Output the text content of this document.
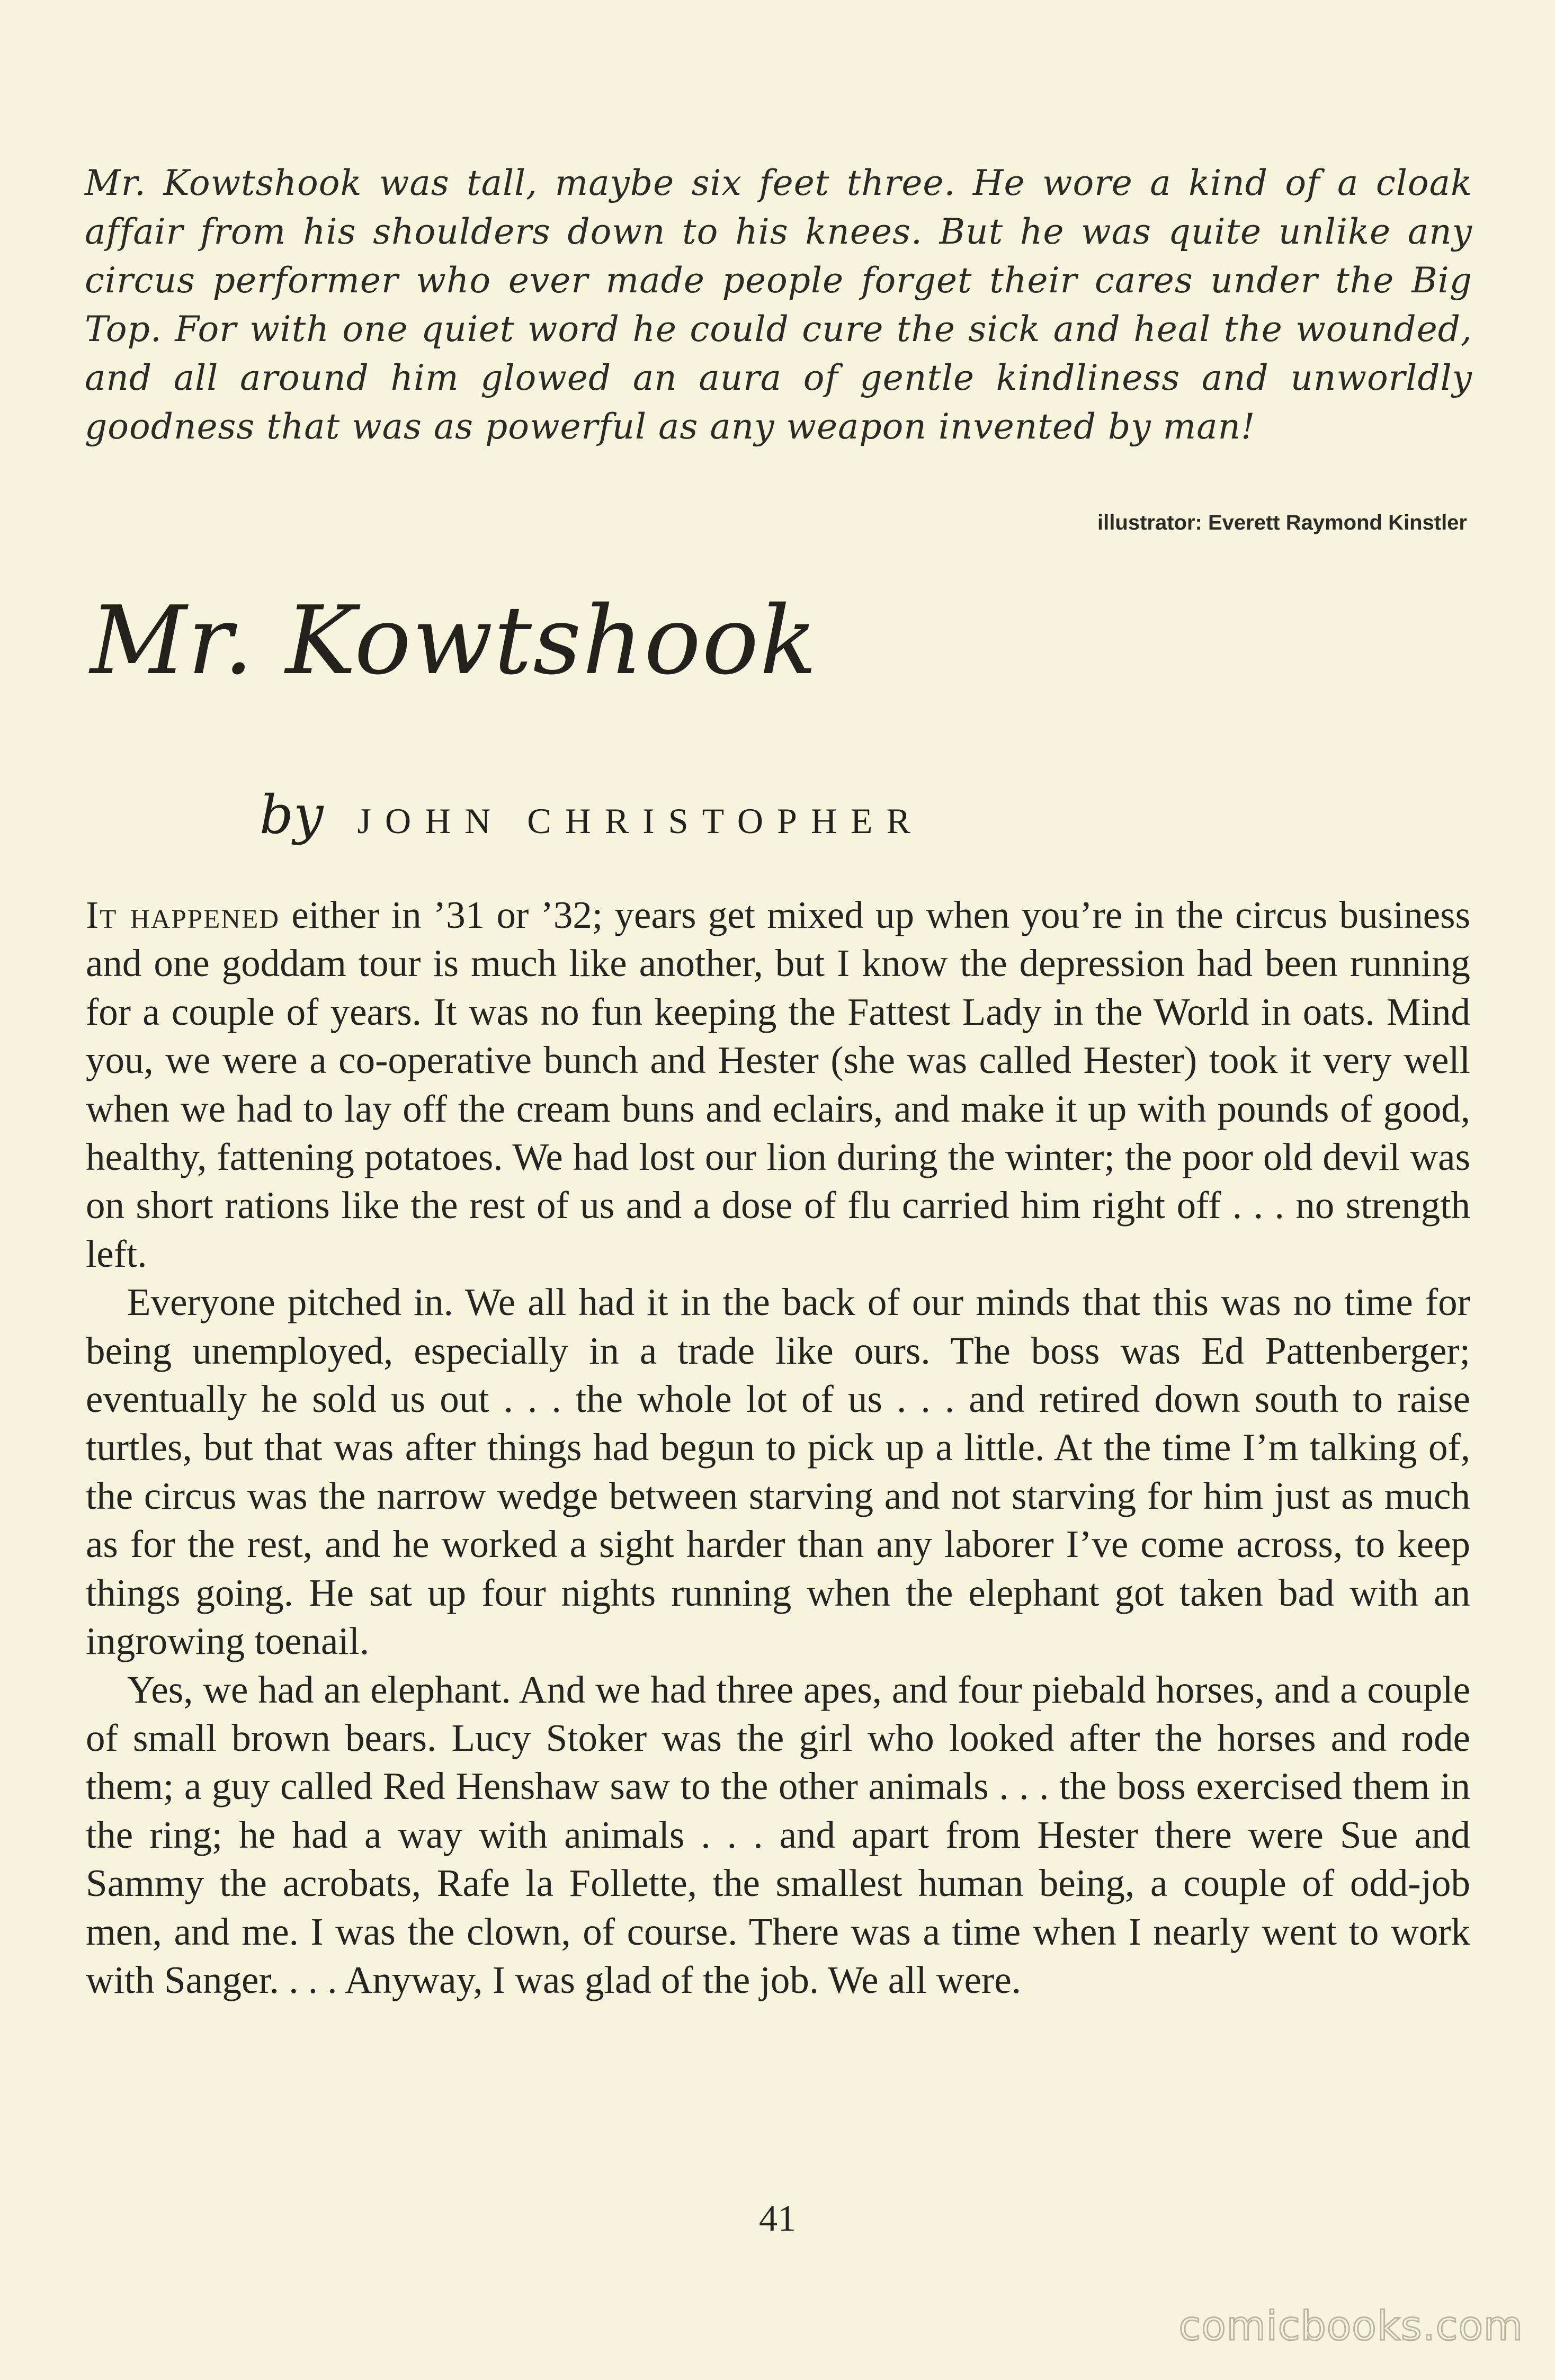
Mr. Kowtshook was tall, maybe six feet three. He wore a kind of a cloak affair from his shoulders down to his knees. But he was quite unlike any circus performer who ever made people forget their cares under the Big Top. For with one quiet word he could cure the sick and heal the wounded, and all around him glowed an aura of gentle kindliness and unworldly goodness that was as powerful as any weapon invented by man!
illustrator: Everett Raymond Kinstler
Mr. Kowtshook
by JOHN CHRISTOPHER

It happened either in ’31 or ’32; years get mixed up when you’re in the circus business and one goddam tour is much like another, but I know the depression had been running for a couple of years. It was no fun keeping the Fattest Lady in the World in oats. Mind you, we were a co-operative bunch and Hester (she was called Hester) took it very well when we had to lay off the cream buns and eclairs, and make it up with pounds of good, healthy, fattening potatoes. We had lost our lion during the winter; the poor old devil was on short rations like the rest of us and a dose of flu carried him right off . . . no strength left.

Everyone pitched in. We all had it in the back of our minds that this was no time for being unemployed, especially in a trade like ours. The boss was Ed Pattenberger; eventually he sold us out . . . the whole lot of us . . . and retired down south to raise turtles, but that was after things had begun to pick up a little. At the time I’m talking of, the circus was the narrow wedge between starving and not starving for him just as much as for the rest, and he worked a sight harder than any laborer I’ve come across, to keep things going. He sat up four nights running when the elephant got taken bad with an ingrowing toenail.

Yes, we had an elephant. And we had three apes, and four piebald horses, and a couple of small brown bears. Lucy Stoker was the girl who looked after the horses and rode them; a guy called Red Henshaw saw to the other animals . . . the boss exercised them in the ring; he had a way with animals . . . and apart from Hester there were Sue and Sammy the acrobats, Rafe la Follette, the smallest human being, a couple of odd-job men, and me. I was the clown, of course. There was a time when I nearly went to work with Sanger. . . . Anyway, I was glad of the job. We all were.

41
comicbooks.com
